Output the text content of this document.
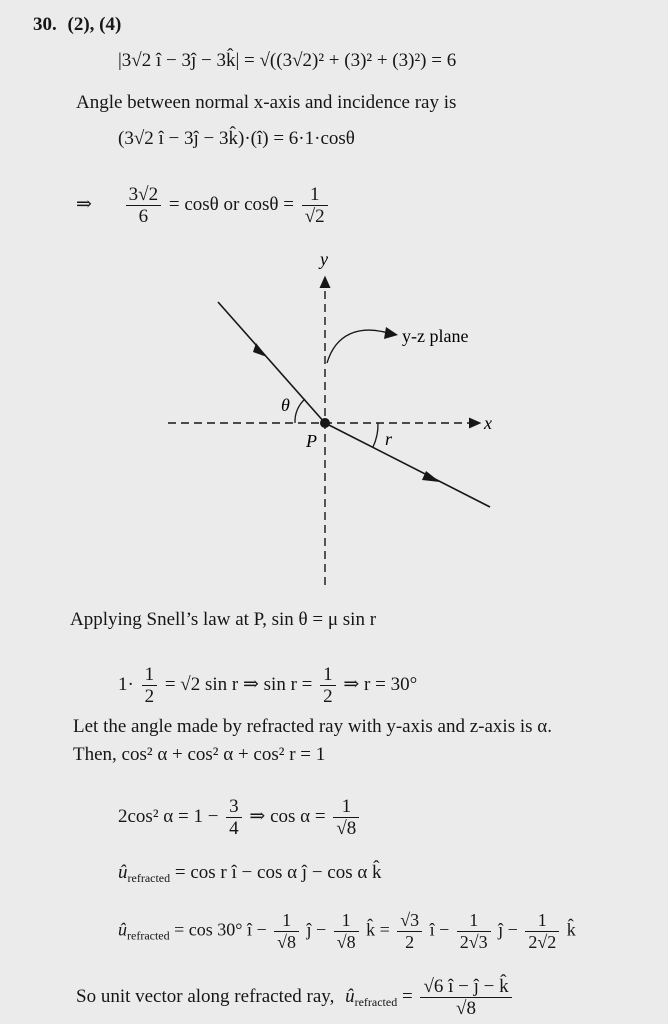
30. (2), (4)
|3√2 î − 3ĵ − 3k̂| = √((3√2)² + (3)² + (3)²) = 6
Angle between normal x-axis and incidence ray is
(3√2 î − 3ĵ − 3k̂)·(î) = 6·1·cosθ
⇒ $\frac{3√2}{6} = \cos\theta$ or $\cos\theta = \frac{1}{√2}$
y
x
P
θ
r
y-z plane
Applying Snell’s law at P, sin θ = μ sin r
$1\cdot \frac{1}{2} = √2$ sin r ⇒ $\sin r = \frac{1}{2}$ ⇒ r = 30°
Let the angle made by refracted ray with y-axis and z-axis is α.
Then, cos² α + cos² α + cos² r = 1
2cos² $\alpha = 1 - \frac{3}{4}$ ⇒ $\cos \alpha = \frac{1}{√8}$
$û_{refracted} = \cos r$ î − cos α ĵ − cos α k̂
$û_{refracted} = \cos 30^\circ$ î − $\frac{1}{√8}$ ĵ − $\frac{1}{√8}$ k̂ = $\frac{√3}{2}$ î − $\frac{1}{2√3}$ ĵ − $\frac{1}{2√2}$ k̂
So unit vector along refracted ray, $û_{refracted} = \frac{√6 î - ĵ - k̂}{√8}$
